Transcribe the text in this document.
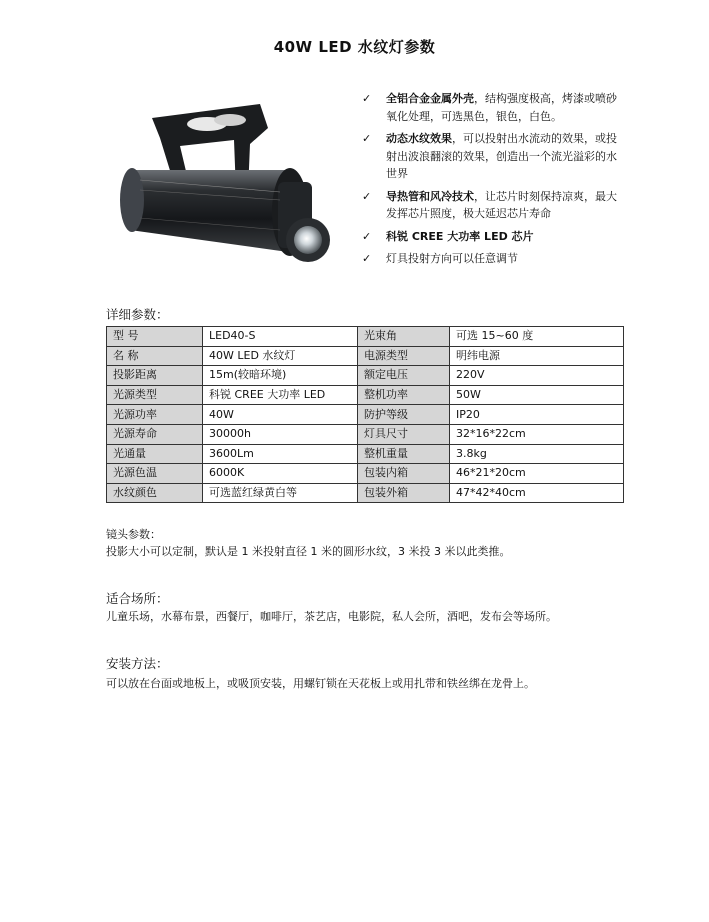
40W LED 水纹灯参数
✓ 全铝合金金属外壳，结构强度极高，烤漆或喷砂氧化处理，可选黑色，银色，白色。
✓ 动态水纹效果，可以投射出水流动的效果，或投射出波浪翻滚的效果，创造出一个流光溢彩的水世界
✓ 导热管和风冷技术，让芯片时刻保持凉爽，最大发挥芯片照度，极大延迟芯片寿命
✓ 科锐 CREE 大功率 LED 芯片
✓ 灯具投射方向可以任意调节
详细参数：
型 号	LED40-S	光束角	可选 15~60 度
名 称	40W LED 水纹灯	电源类型	明纬电源
投影距离	15m(较暗环境)	额定电压	220V
光源类型	科锐 CREE 大功率 LED	整机功率	50W
光源功率	40W	防护等级	IP20
光源寿命	30000h	灯具尺寸	32*16*22cm
光通量	3600Lm	整机重量	3.8kg
光源色温	6000K	包装内箱	46*21*20cm
水纹颜色	可选蓝红绿黄白等	包装外箱	47*42*40cm
镜头参数：
投影大小可以定制，默认是 1 米投射直径 1 米的圆形水纹，3 米投 3 米以此类推。
适合场所：
儿童乐场，水幕布景，西餐厅，咖啡厅，茶艺店，电影院，私人会所，酒吧，发布会等场所。
安装方法：
可以放在台面或地板上，或吸顶安装，用螺钉锁在天花板上或用扎带和铁丝绑在龙骨上。
